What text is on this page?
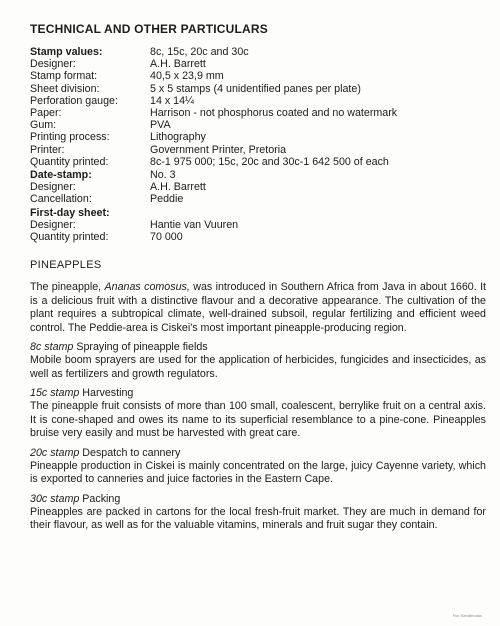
TECHNICAL AND OTHER PARTICULARS
Stamp values:	8c, 15c, 20c and 30c
Designer:	A.H. Barrett
Stamp format:	40,5 x 23,9 mm
Sheet division:	5 x 5 stamps (4 unidentified panes per plate)
Perforation gauge:	14 x 14¼
Paper:	Harrison - not phosphorus coated and no watermark
Gum:	PVA
Printing process:	Lithography
Printer:	Government Printer, Pretoria
Quantity printed:	8c-1 975 000; 15c, 20c and 30c-1 642 500 of each
Date-stamp:	No. 3
Designer:	A.H. Barrett
Cancellation:	Peddie
First-day sheet:
Designer:	Hantie van Vuuren
Quantity printed:	70 000
PINEAPPLES

The pineapple, Ananas comosus, was introduced in Southern Africa from Java in about 1660. It is a delicious fruit with a distinctive flavour and a decorative appearance. The cultivation of the plant requires a subtropical climate, well-drained subsoil, regular fertilizing and efficient weed control. The Peddie-area is Ciskei's most important pineapple-producing region.

8c stamp Spraying of pineapple fields

Mobile boom sprayers are used for the application of herbicides, fungicides and insecticides, as well as fertilizers and growth regulators.

15c stamp Harvesting

The pineapple fruit consists of more than 100 small, coalescent, berrylike fruit on a central axis. It is cone-shaped and owes its name to its superficial resemblance to a pine-cone. Pineapples bruise very easily and must be harvested with great care.

20c stamp Despatch to cannery

Pineapple production in Ciskei is mainly concentrated on the large, juicy Cayenne variety, which is exported to canneries and juice factories in the Eastern Cape.

30c stamp Packing

Pineapples are packed in cartons for the local fresh-fruit market. They are much in demand for their flavour, as well as for the valuable vitamins, minerals and fruit sugar they contain.

Fun Sandbrooks
